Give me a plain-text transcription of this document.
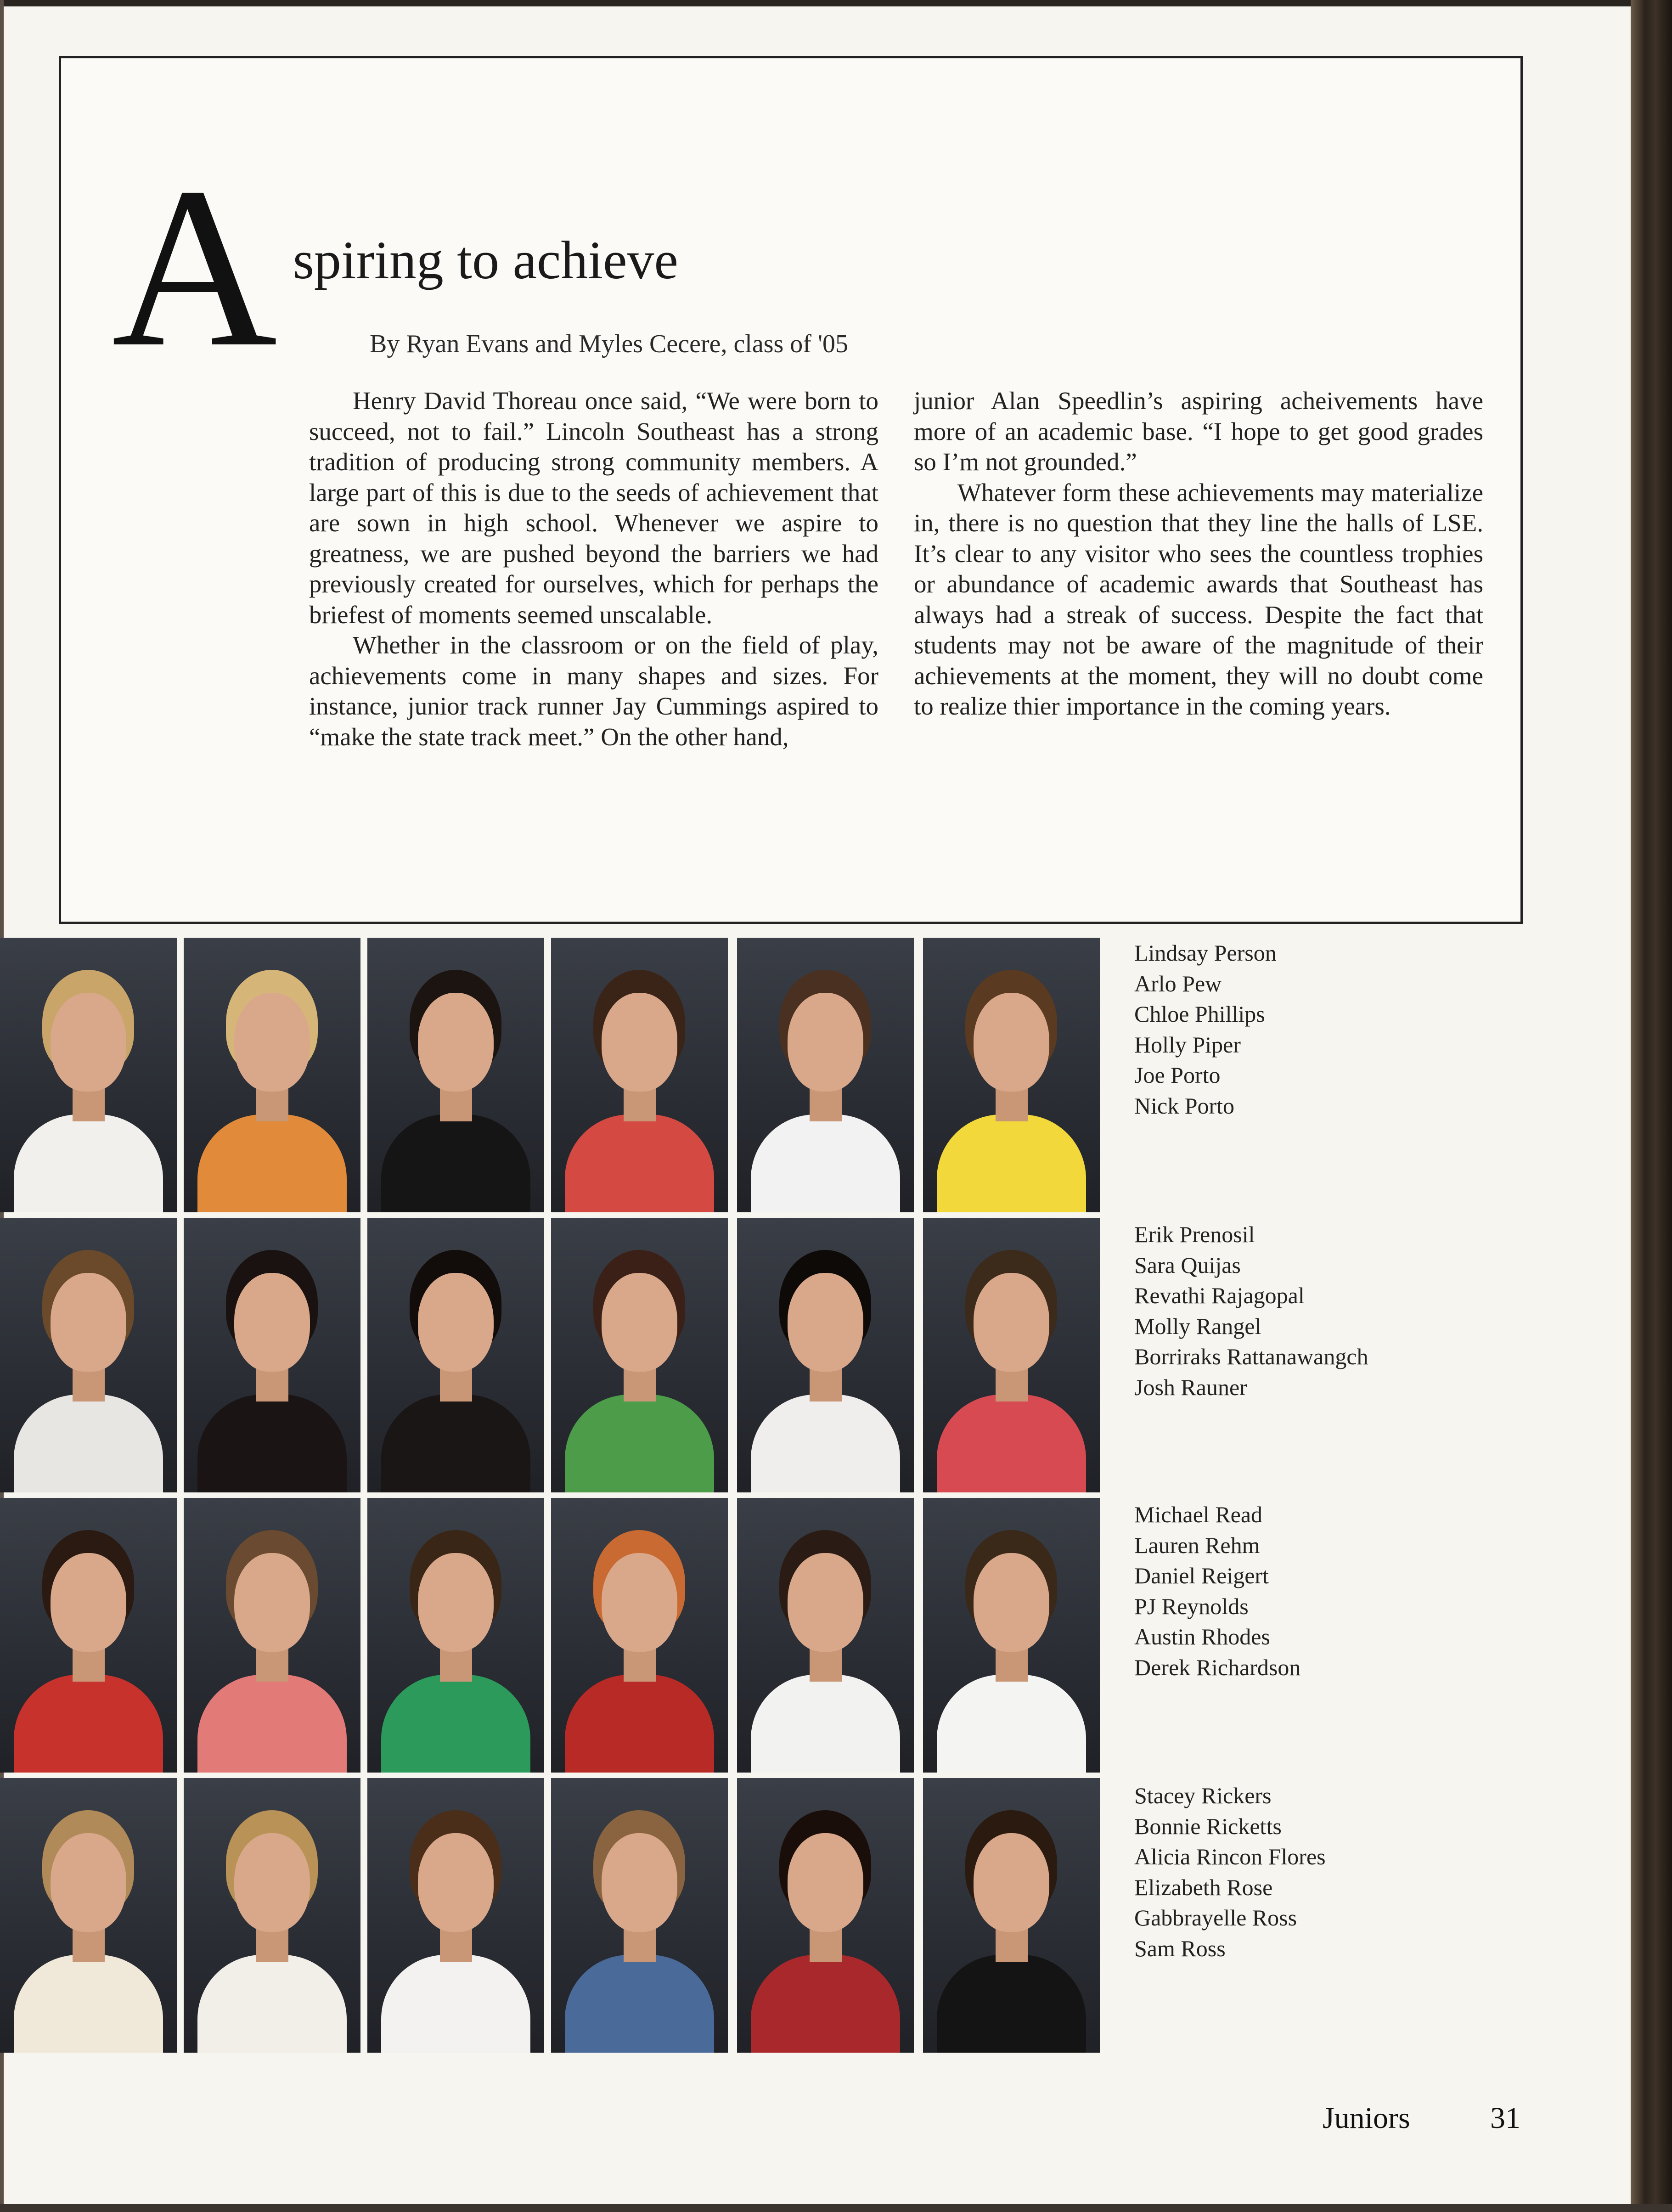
A spiring to achieve
By Ryan Evans and Myles Cecere, class of '05

Henry David Thoreau once said, “We were born to succeed, not to fail.” Lincoln Southeast has a strong tradition of producing strong community members. A large part of this is due to the seeds of achievement that are sown in high school. Whenever we aspire to greatness, we are pushed beyond the barriers we had previously created for ourselves, which for perhaps the briefest of moments seemed unscalable.

Whether in the classroom or on the field of play, achievements come in many shapes and sizes. For instance, junior track runner Jay Cummings aspired to “make the state track meet.” On the other hand,

junior Alan Speedlin’s aspiring acheivements have more of an academic base. “I hope to get good grades so I’m not grounded.”

Whatever form these achievements may materialize in, there is no question that they line the halls of LSE. It’s clear to any visitor who sees the countless trophies or abundance of academic awards that Southeast has always had a streak of success. Despite the fact that students may not be aware of the magnitude of their achievements at the moment, they will no doubt come to realize thier importance in the coming years.

Lindsay Person
Arlo Pew
Chloe Phillips
Holly Piper
Joe Porto
Nick Porto
Erik Prenosil
Sara Quijas
Revathi Rajagopal
Molly Rangel
Borriraks Rattanawangch
Josh Rauner
Michael Read
Lauren Rehm
Daniel Reigert
PJ Reynolds
Austin Rhodes
Derek Richardson
Stacey Rickers
Bonnie Ricketts
Alicia Rincon Flores
Elizabeth Rose
Gabbrayelle Ross
Sam Ross
Juniors	31
